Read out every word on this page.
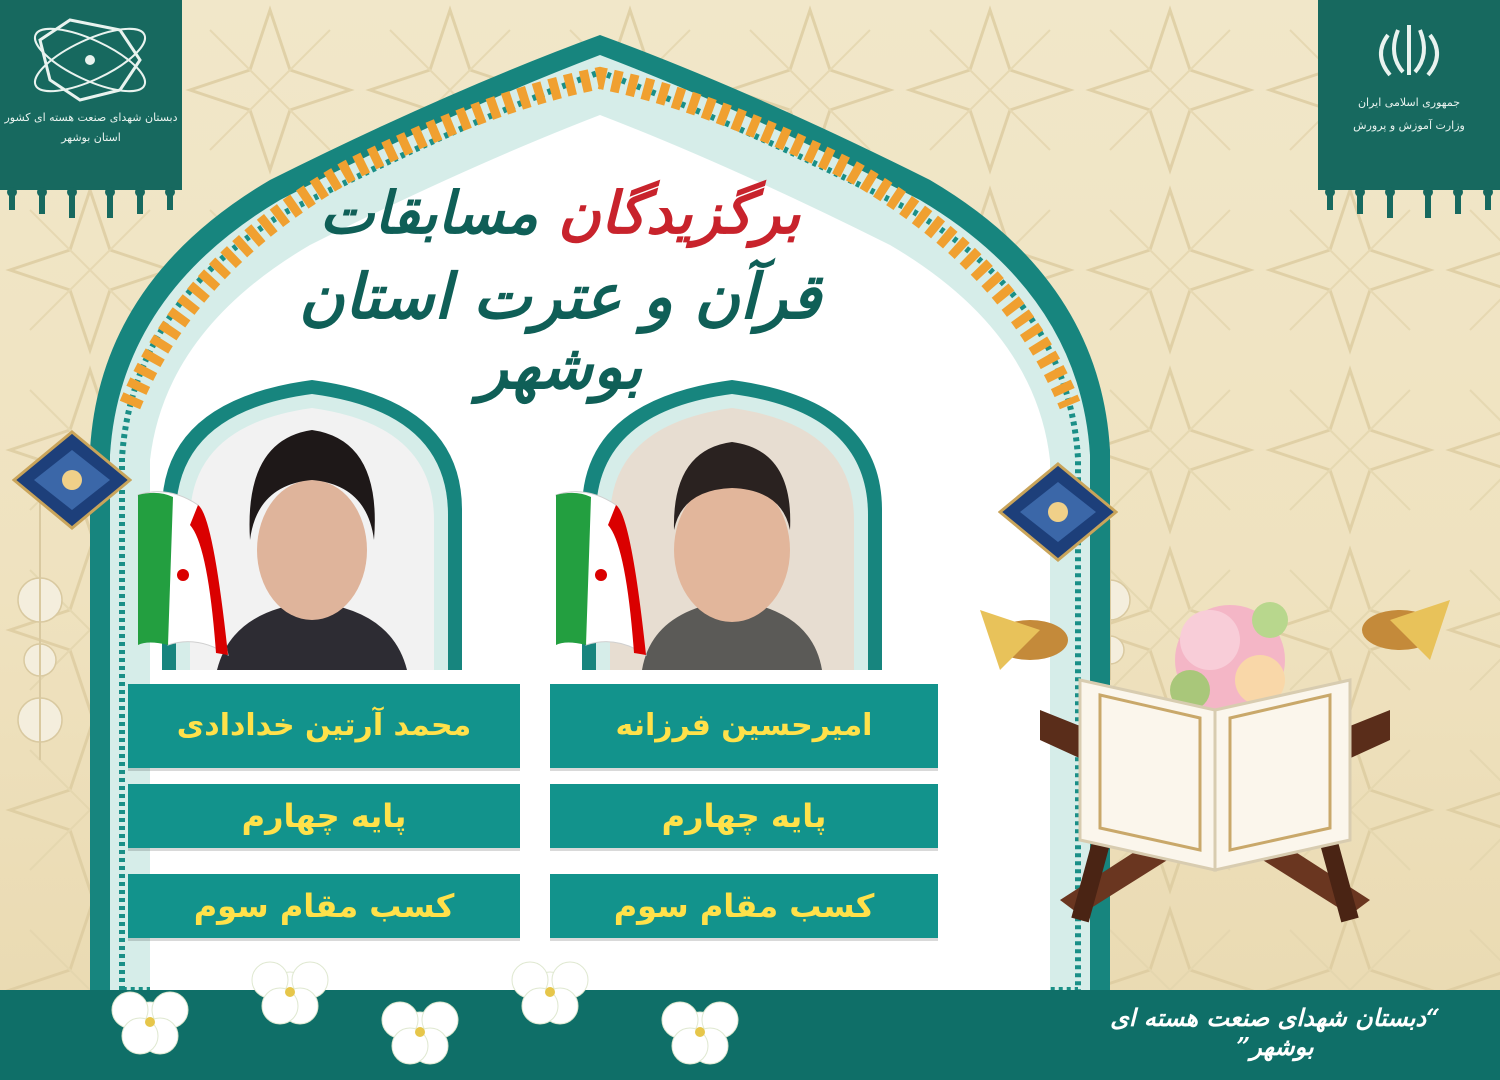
دبستان شهدای صنعت هسته ای کشور
استان بوشهر
جمهوری اسلامی ایران
وزارت آموزش و پرورش
برگزیدگان مسابقات
قرآن و عترت استان بوشهر
امیرحسین فرزانه
پایه چهارم
کسب مقام سوم
محمد آرتین خدادادی
پایه چهارم
کسب مقام سوم
“دبستان شهدای صنعت هسته ای بوشهر”
